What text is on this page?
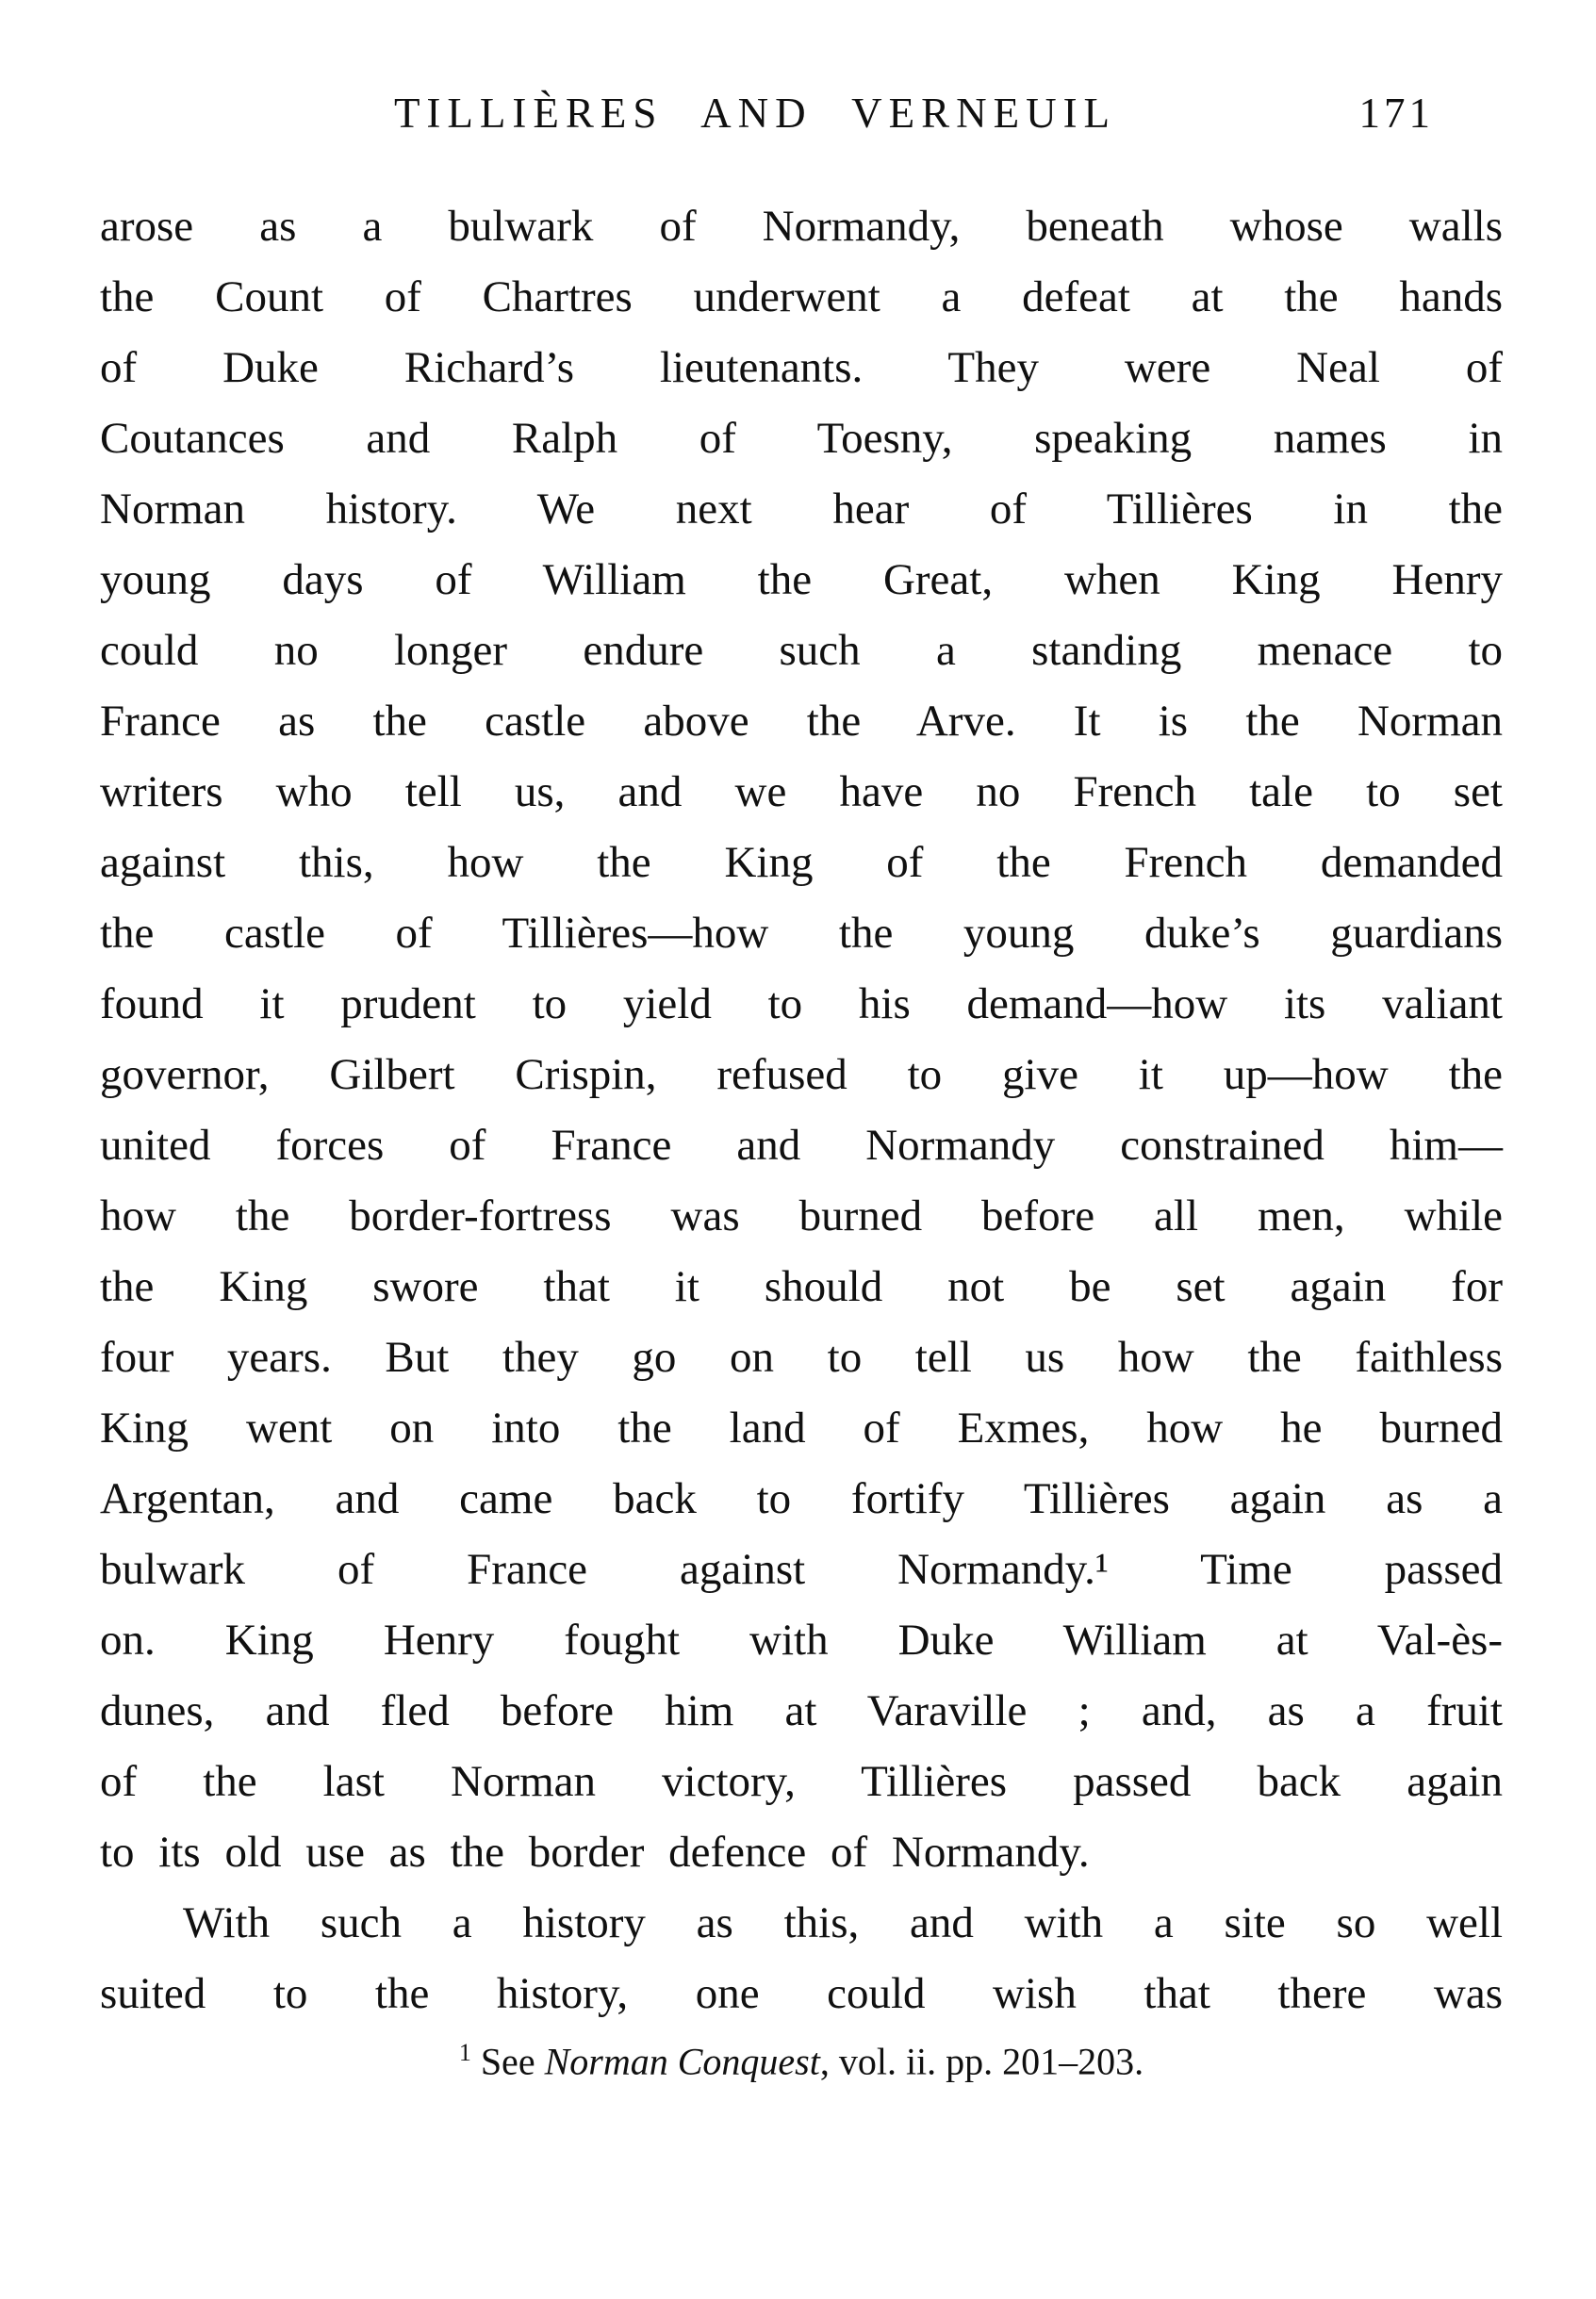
TILLIÈRES AND VERNEUIL	171
arose as a bulwark of Normandy, beneath whose walls
the Count of Chartres underwent a defeat at the hands
of Duke Richard’s lieutenants. They were Neal of
Coutances and Ralph of Toesny, speaking names in
Norman history. We next hear of Tillières in the
young days of William the Great, when King Henry
could no longer endure such a standing menace to
France as the castle above the Arve. It is the Norman
writers who tell us, and we have no French tale to set
against this, how the King of the French demanded
the castle of Tillières—how the young duke’s guardians
found it prudent to yield to his demand—how its valiant
governor, Gilbert Crispin, refused to give it up—how the
united forces of France and Normandy constrained him—
how the border-fortress was burned before all men, while
the King swore that it should not be set again for
four years. But they go on to tell us how the faithless
King went on into the land of Exmes, how he burned
Argentan, and came back to fortify Tillières again as a
bulwark of France against Normandy.¹ Time passed
on. King Henry fought with Duke William at Val-ès-
dunes, and fled before him at Varaville ; and, as a fruit
of the last Norman victory, Tillières passed back again
to its old use as the border defence of Normandy.
With such a history as this, and with a site so well
suited to the history, one could wish that there was
$^1$ See Norman Conquest, vol. ii. pp. 201–203.
